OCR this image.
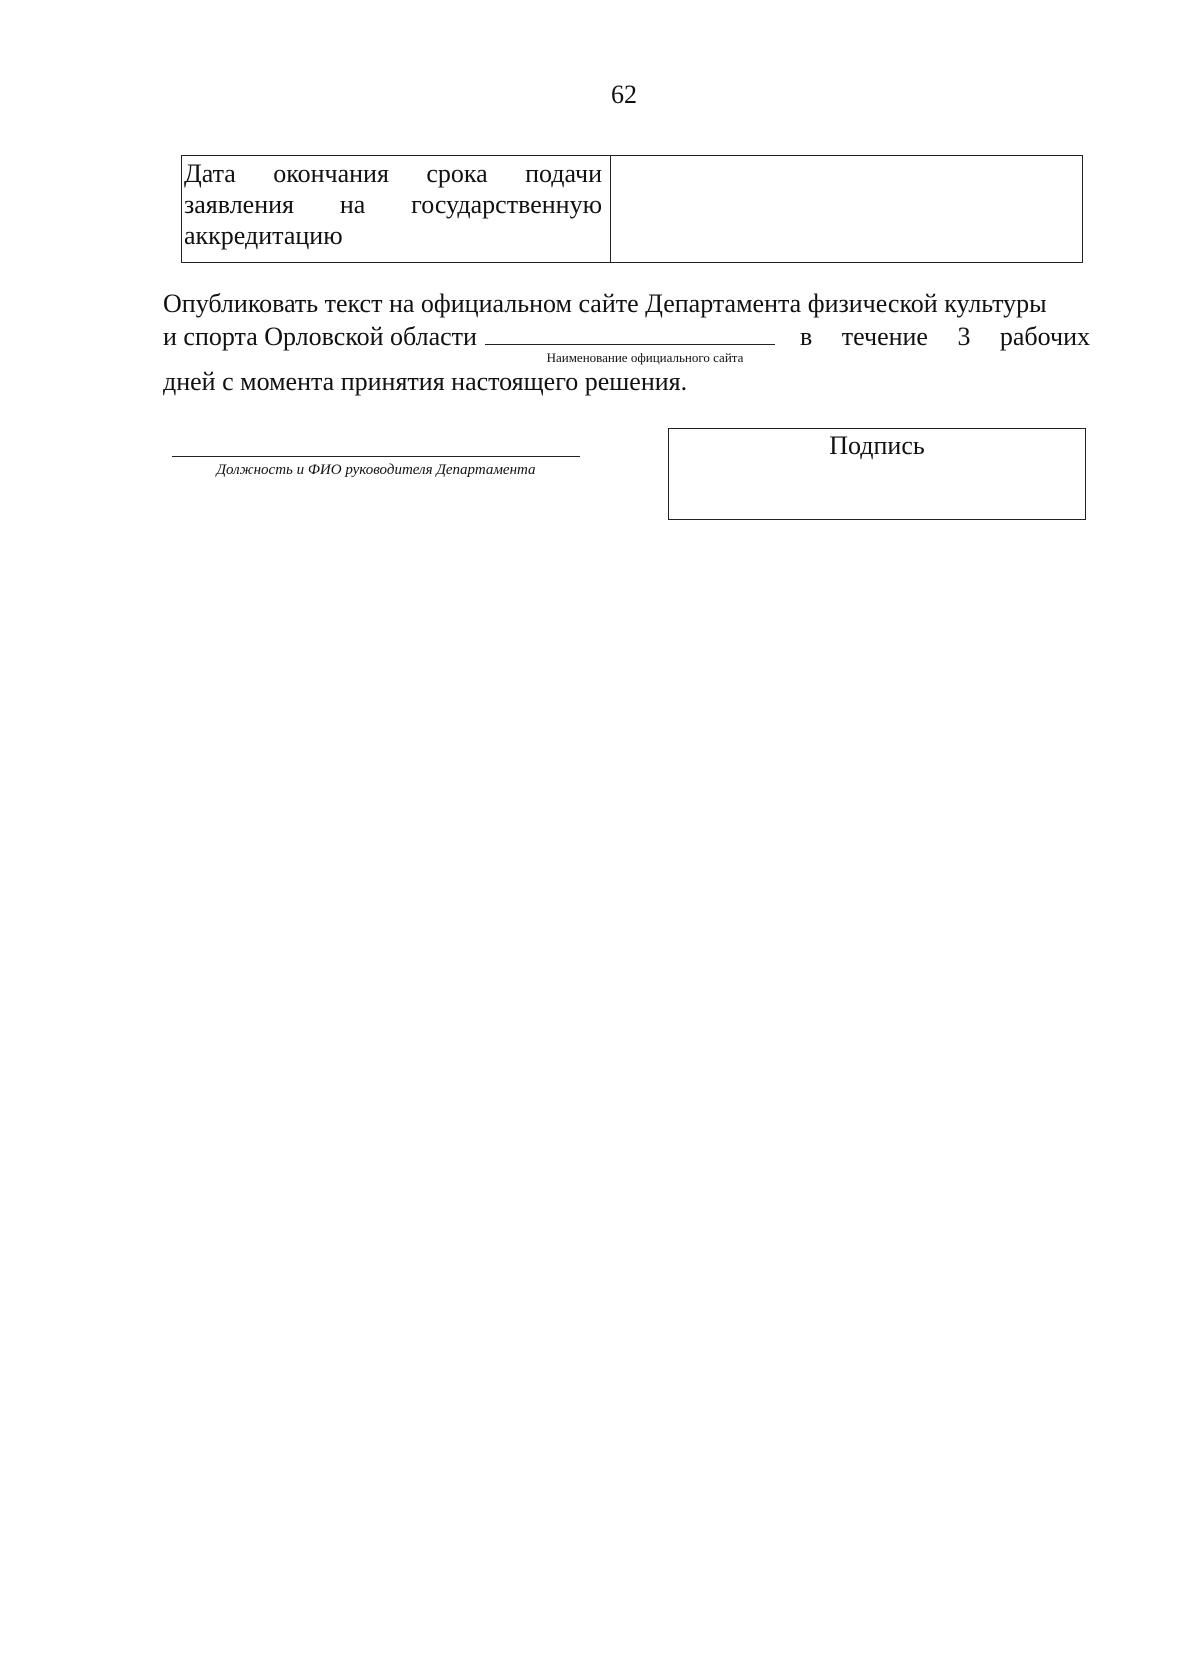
62
Дата окончания срока подачи заявления на государственную аккредитацию
Опубликовать текст на официальном сайте Департамента физической культуры
и спорта Орловской области	в течение 3 рабочих
Наименование официального сайта
дней с момента принятия настоящего решения.
Должность и ФИО руководителя Департамента
Подпись
